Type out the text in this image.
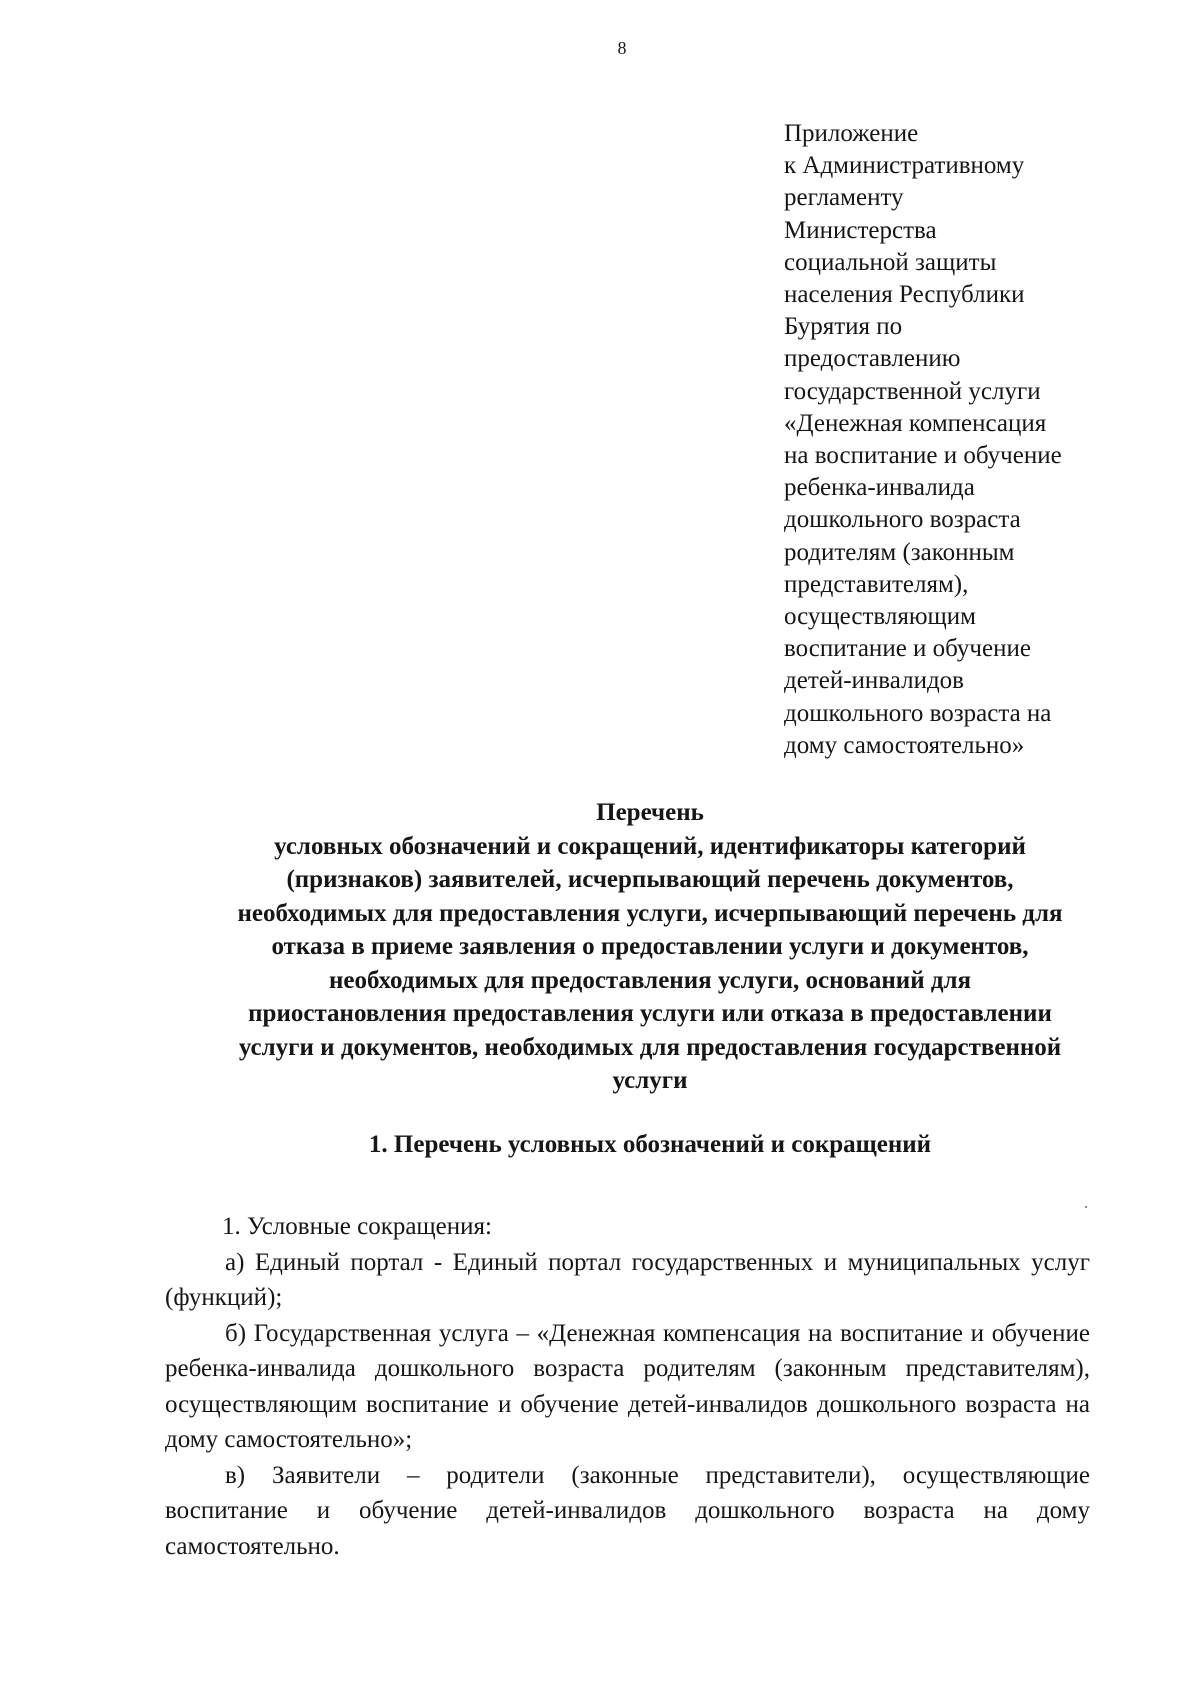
8
Приложение
к Административному
регламенту
Министерства
социальной защиты
населения Республики
Бурятия по
предоставлению
государственной услуги
«Денежная компенсация
на воспитание и обучение
ребенка-инвалида
дошкольного возраста
родителям (законным
представителям),
осуществляющим
воспитание и обучение
детей-инвалидов
дошкольного возраста на
дому самостоятельно»
Перечень
условных обозначений и сокращений, идентификаторы категорий
(признаков) заявителей, исчерпывающий перечень документов,
необходимых для предоставления услуги, исчерпывающий перечень для
отказа в приеме заявления о предоставлении услуги и документов,
необходимых для предоставления услуги, оснований для
приостановления предоставления услуги или отказа в предоставлении
услуги и документов, необходимых для предоставления государственной
услуги
1. Перечень условных обозначений и сокращений

1. Условные сокращения:

а) Единый портал - Единый портал государственных и муниципальных услуг (функций);

б) Государственная услуга – «Денежная компенсация на воспитание и обучение ребенка-инвалида дошкольного возраста родителям (законным представителям), осуществляющим воспитание и обучение детей-инвалидов дошкольного возраста на дому самостоятельно»;

в) Заявители – родители (законные представители), осуществляющие воспитание и обучение детей-инвалидов дошкольного возраста на дому самостоятельно.
